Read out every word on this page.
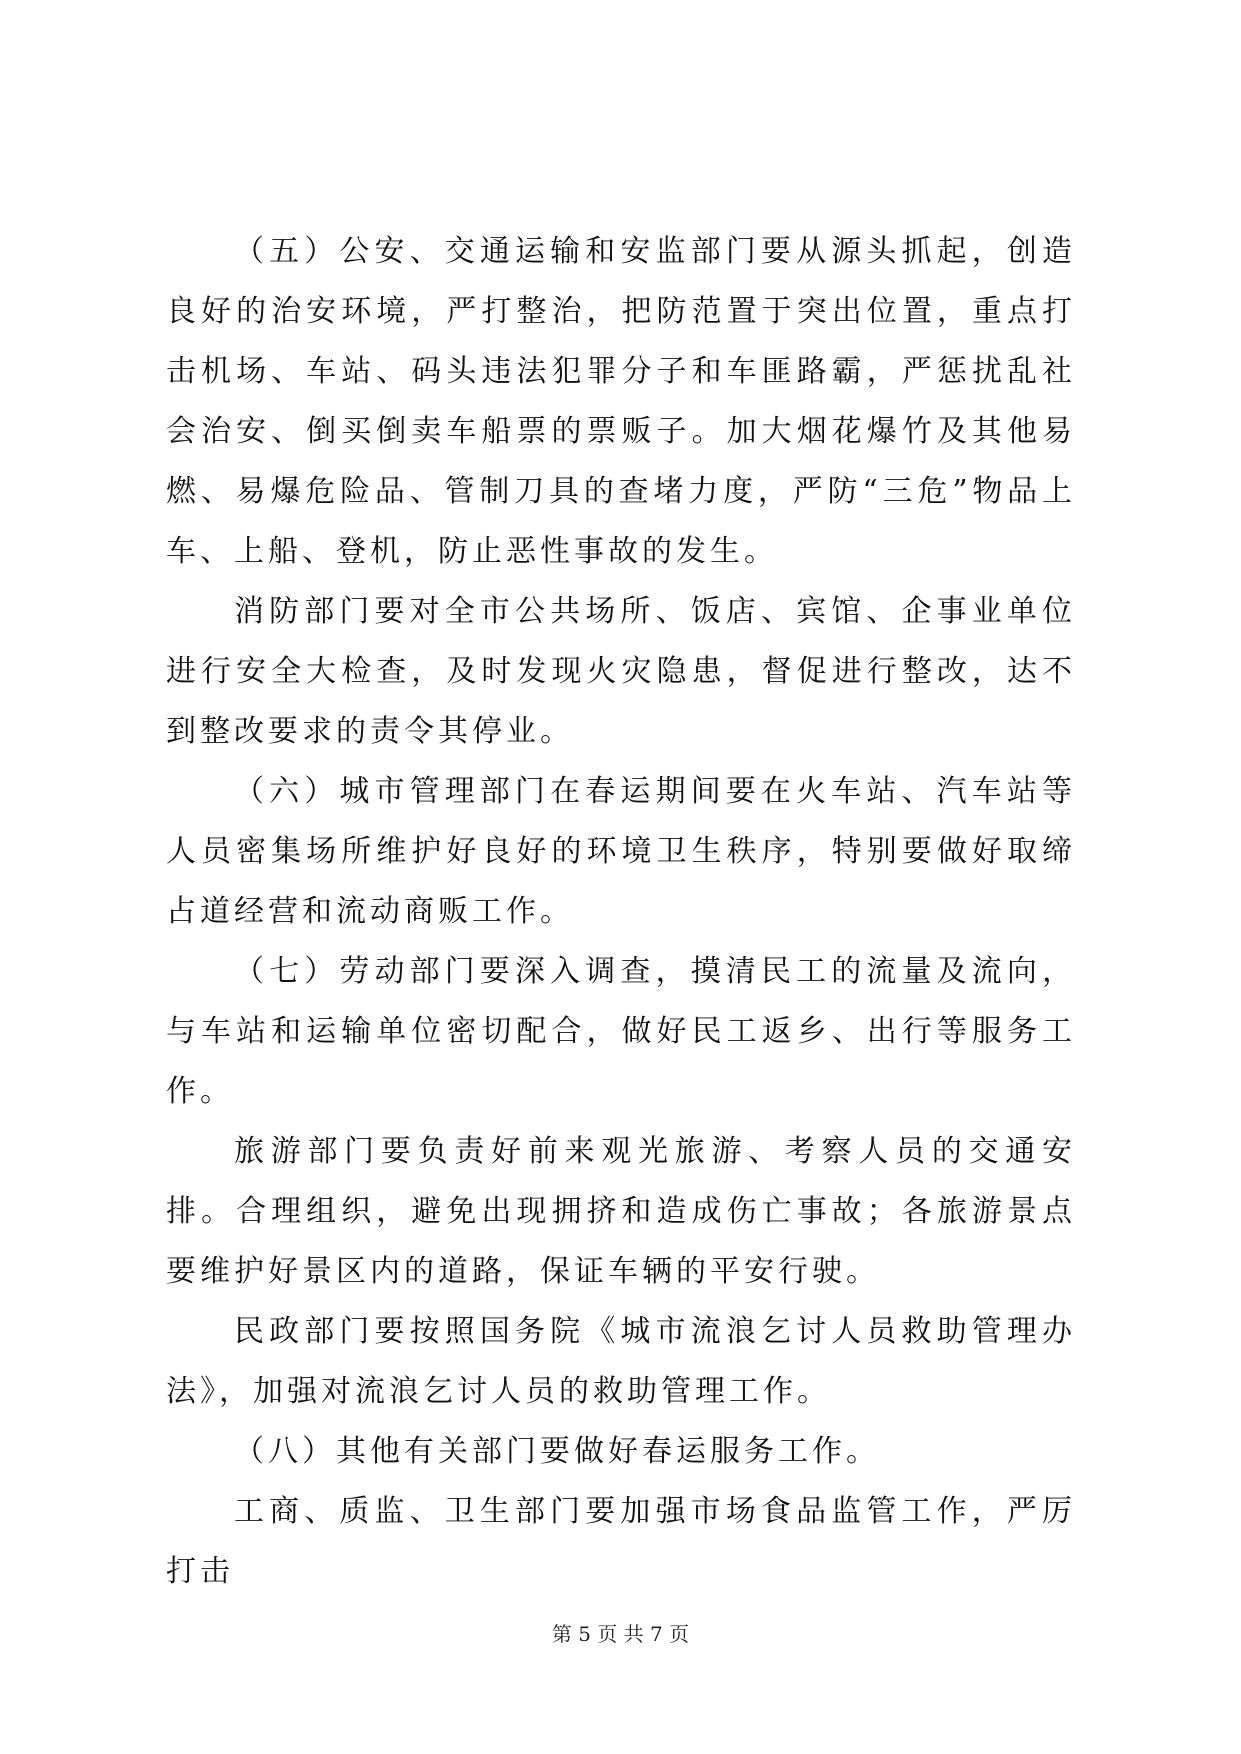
（五）公安、交通运输和安监部门要从源头抓起，创造良好的治安环境，严打整治，把防范置于突出位置，重点打击机场、车站、码头违法犯罪分子和车匪路霸，严惩扰乱社会治安、倒买倒卖车船票的票贩子。加大烟花爆竹及其他易燃、易爆危险品、管制刀具的查堵力度，严防“三危”物品上车、上船、登机，防止恶性事故的发生。

消防部门要对全市公共场所、饭店、宾馆、企事业单位进行安全大检查，及时发现火灾隐患，督促进行整改，达不到整改要求的责令其停业。

（六）城市管理部门在春运期间要在火车站、汽车站等人员密集场所维护好良好的环境卫生秩序，特别要做好取缔占道经营和流动商贩工作。

（七）劳动部门要深入调查，摸清民工的流量及流向，与车站和运输单位密切配合，做好民工返乡、出行等服务工作。

旅游部门要负责好前来观光旅游、考察人员的交通安排。合理组织，避免出现拥挤和造成伤亡事故；各旅游景点要维护好景区内的道路，保证车辆的平安行驶。

民政部门要按照国务院《城市流浪乞讨人员救助管理办法》，加强对流浪乞讨人员的救助管理工作。

（八）其他有关部门要做好春运服务工作。

工商、质监、卫生部门要加强市场食品监管工作，严厉打击

第 5 页 共 7 页
